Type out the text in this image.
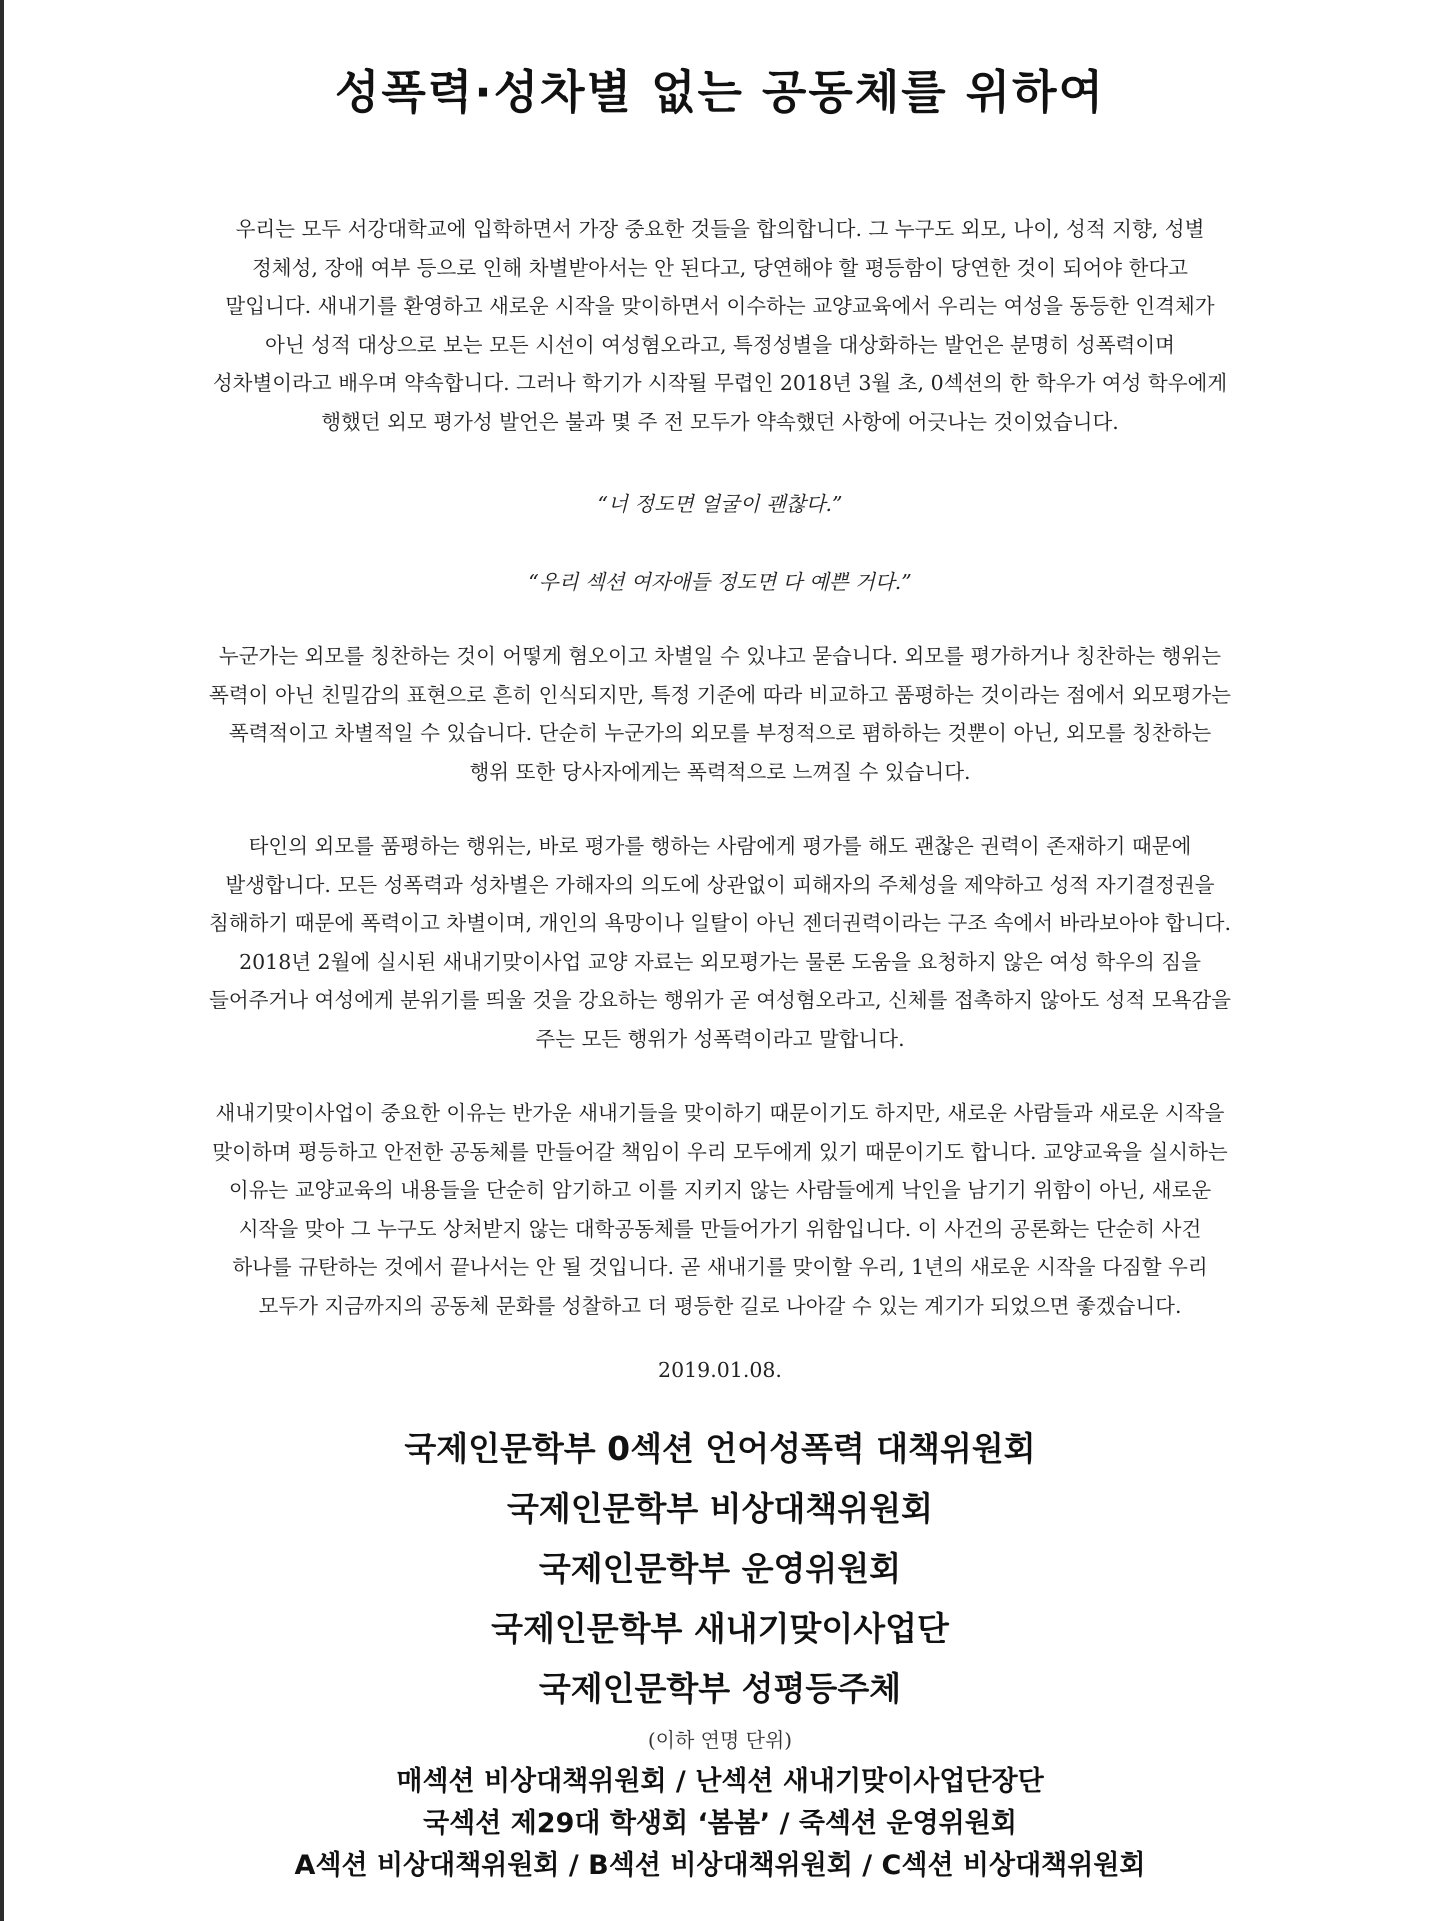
성폭력·성차별 없는 공동체를 위하여

우리는 모두 서강대학교에 입학하면서 가장 중요한 것들을 합의합니다. 그 누구도 외모, 나이, 성적 지향, 성별
정체성, 장애 여부 등으로 인해 차별받아서는 안 된다고, 당연해야 할 평등함이 당연한 것이 되어야 한다고
말입니다. 새내기를 환영하고 새로운 시작을 맞이하면서 이수하는 교양교육에서 우리는 여성을 동등한 인격체가
아닌 성적 대상으로 보는 모든 시선이 여성혐오라고, 특정성별을 대상화하는 발언은 분명히 성폭력이며
성차별이라고 배우며 약속합니다. 그러나 학기가 시작될 무렵인 2018년 3월 초, 0섹션의 한 학우가 여성 학우에게
행했던 외모 평가성 발언은 불과 몇 주 전 모두가 약속했던 사항에 어긋나는 것이었습니다.

“너 정도면 얼굴이 괜찮다.”

“우리 섹션 여자애들 정도면 다 예쁜 거다.”

누군가는 외모를 칭찬하는 것이 어떻게 혐오이고 차별일 수 있냐고 묻습니다. 외모를 평가하거나 칭찬하는 행위는
폭력이 아닌 친밀감의 표현으로 흔히 인식되지만, 특정 기준에 따라 비교하고 품평하는 것이라는 점에서 외모평가는
폭력적이고 차별적일 수 있습니다. 단순히 누군가의 외모를 부정적으로 폄하하는 것뿐이 아닌, 외모를 칭찬하는
행위 또한 당사자에게는 폭력적으로 느껴질 수 있습니다.

타인의 외모를 품평하는 행위는, 바로 평가를 행하는 사람에게 평가를 해도 괜찮은 권력이 존재하기 때문에
발생합니다. 모든 성폭력과 성차별은 가해자의 의도에 상관없이 피해자의 주체성을 제약하고 성적 자기결정권을
침해하기 때문에 폭력이고 차별이며, 개인의 욕망이나 일탈이 아닌 젠더권력이라는 구조 속에서 바라보아야 합니다.
2018년 2월에 실시된 새내기맞이사업 교양 자료는 외모평가는 물론 도움을 요청하지 않은 여성 학우의 짐을
들어주거나 여성에게 분위기를 띄울 것을 강요하는 행위가 곧 여성혐오라고, 신체를 접촉하지 않아도 성적 모욕감을
주는 모든 행위가 성폭력이라고 말합니다.

새내기맞이사업이 중요한 이유는 반가운 새내기들을 맞이하기 때문이기도 하지만, 새로운 사람들과 새로운 시작을
맞이하며 평등하고 안전한 공동체를 만들어갈 책임이 우리 모두에게 있기 때문이기도 합니다. 교양교육을 실시하는
이유는 교양교육의 내용들을 단순히 암기하고 이를 지키지 않는 사람들에게 낙인을 남기기 위함이 아닌, 새로운
시작을 맞아 그 누구도 상처받지 않는 대학공동체를 만들어가기 위함입니다. 이 사건의 공론화는 단순히 사건
하나를 규탄하는 것에서 끝나서는 안 될 것입니다. 곧 새내기를 맞이할 우리, 1년의 새로운 시작을 다짐할 우리
모두가 지금까지의 공동체 문화를 성찰하고 더 평등한 길로 나아갈 수 있는 계기가 되었으면 좋겠습니다.

2019.01.08.
국제인문학부 0섹션 언어성폭력 대책위원회
국제인문학부 비상대책위원회
국제인문학부 운영위원회
국제인문학부 새내기맞이사업단
국제인문학부 성평등주체
(이하 연명 단위)
매섹션 비상대책위원회 / 난섹션 새내기맞이사업단장단
국섹션 제29대 학생회 ‘봄봄’ / 죽섹션 운영위원회
A섹션 비상대책위원회 / B섹션 비상대책위원회 / C섹션 비상대책위원회
